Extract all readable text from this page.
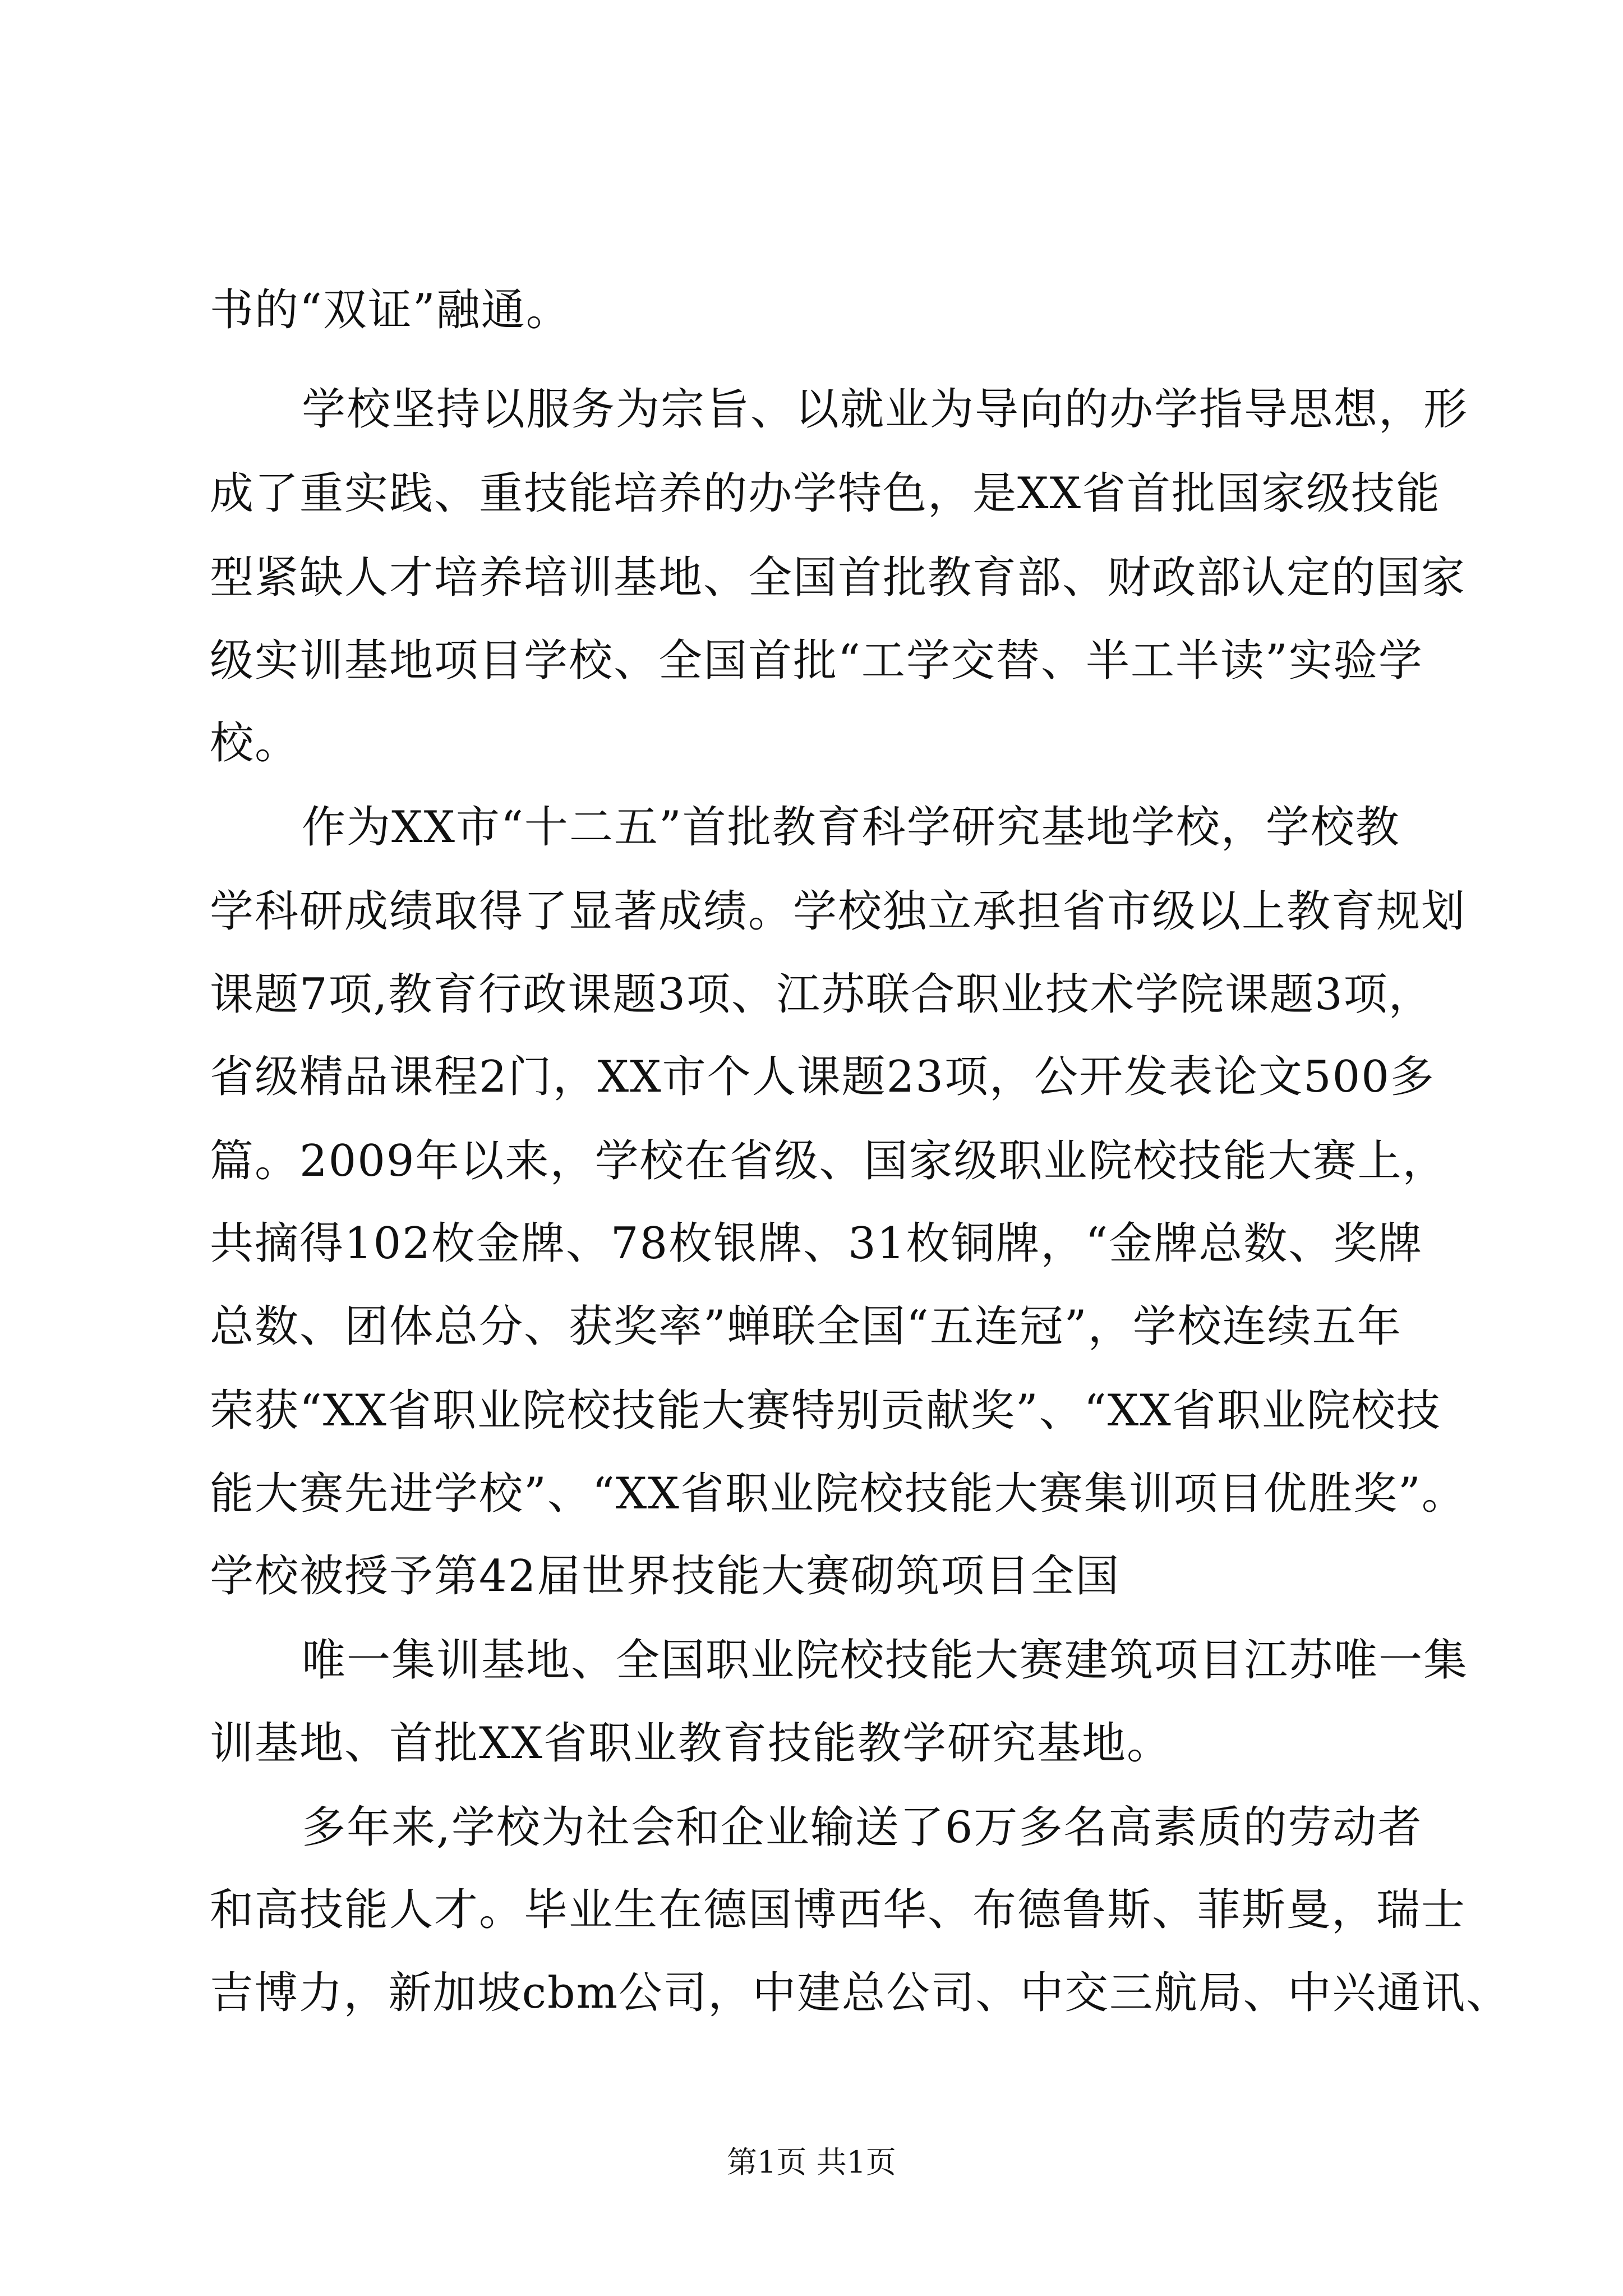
书的“双证”融通。
学校坚持以服务为宗旨、以就业为导向的办学指导思想，形
成了重实践、重技能培养的办学特色，是XX省首批国家级技能
型紧缺人才培养培训基地、全国首批教育部、财政部认定的国家
级实训基地项目学校、全国首批“工学交替、半工半读”实验学
校。
作为XX市“十二五”首批教育科学研究基地学校，学校教
学科研成绩取得了显著成绩。学校独立承担省市级以上教育规划
课题7项,教育行政课题3项、江苏联合职业技术学院课题3项，
省级精品课程2门，XX市个人课题23项，公开发表论文500多
篇。2009年以来，学校在省级、国家级职业院校技能大赛上，
共摘得102枚金牌、78枚银牌、31枚铜牌，“金牌总数、奖牌
总数、团体总分、获奖率”蝉联全国“五连冠”，学校连续五年
荣获“XX省职业院校技能大赛特别贡献奖”、“XX省职业院校技
能大赛先进学校”、“XX省职业院校技能大赛集训项目优胜奖”。
学校被授予第42届世界技能大赛砌筑项目全国
唯一集训基地、全国职业院校技能大赛建筑项目江苏唯一集
训基地、首批XX省职业教育技能教学研究基地。
多年来,学校为社会和企业输送了6万多名高素质的劳动者
和高技能人才。毕业生在德国博西华、布德鲁斯、菲斯曼，瑞士
吉博力，新加坡cbm公司，中建总公司、中交三航局、中兴通讯、
第1页 共1页
